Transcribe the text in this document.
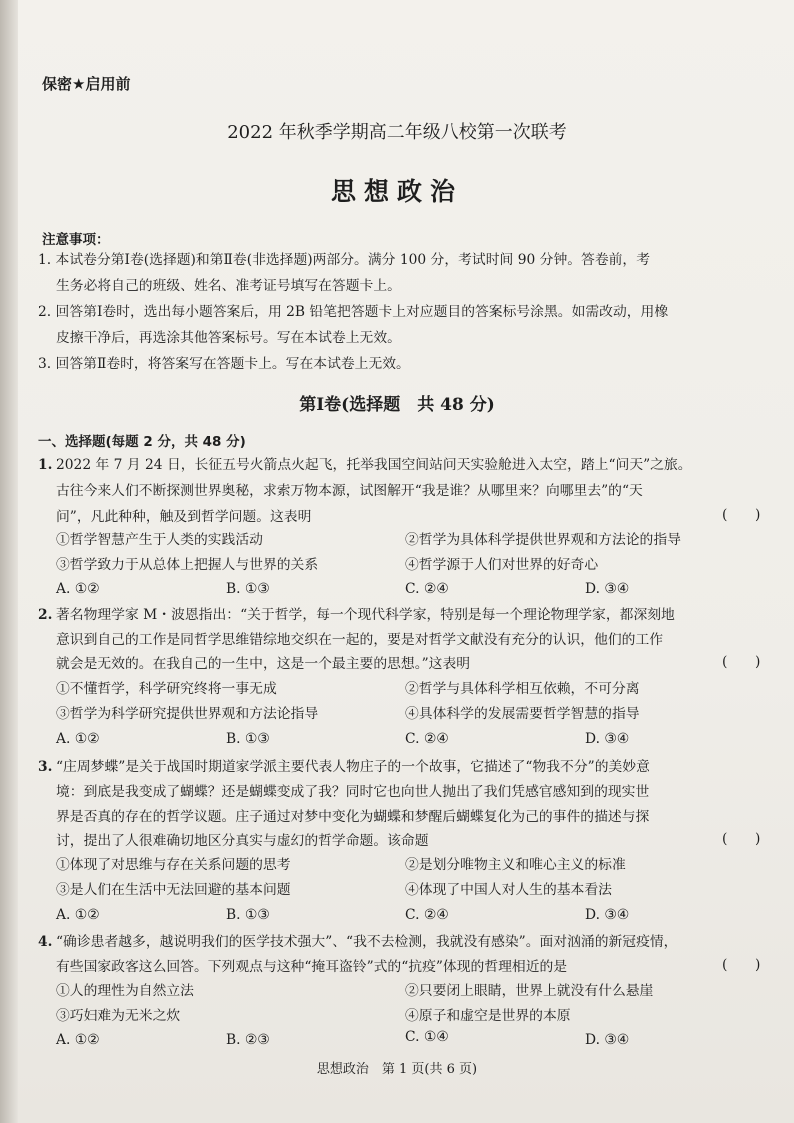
保密★启用前
2022 年秋季学期高二年级八校第一次联考
思想政治
注意事项：
1. 本试卷分第Ⅰ卷(选择题)和第Ⅱ卷(非选择题)两部分。满分 100 分，考试时间 90 分钟。答卷前，考
生务必将自己的班级、姓名、准考证号填写在答题卡上。
2. 回答第Ⅰ卷时，选出每小题答案后，用 2B 铅笔把答题卡上对应题目的答案标号涂黑。如需改动，用橡
皮擦干净后，再选涂其他答案标号。写在本试卷上无效。
3. 回答第Ⅱ卷时，将答案写在答题卡上。写在本试卷上无效。
第Ⅰ卷(选择题　共 48 分)
一、选择题(每题 2 分，共 48 分)
1. 2022 年 7 月 24 日，长征五号火箭点火起飞，托举我国空间站问天实验舱进入太空，踏上“问天”之旅。
古往今来人们不断探测世界奥秘，求索万物本源，试图解开“我是谁？从哪里来？向哪里去”的“天
问”，凡此种种，触及到哲学问题。这表明	(　　)
①哲学智慧产生于人类的实践活动	②哲学为具体科学提供世界观和方法论的指导
③哲学致力于从总体上把握人与世界的关系	④哲学源于人们对世界的好奇心
A. ①②	B. ①③	C. ②④	D. ③④
2. 著名物理学家 M・波恩指出：“关于哲学，每一个现代科学家，特别是每一个理论物理学家，都深刻地
意识到自己的工作是同哲学思维错综地交织在一起的，要是对哲学文献没有充分的认识，他们的工作
就会是无效的。在我自己的一生中，这是一个最主要的思想。”这表明	(　　)
①不懂哲学，科学研究终将一事无成	②哲学与具体科学相互依赖，不可分离
③哲学为科学研究提供世界观和方法论指导	④具体科学的发展需要哲学智慧的指导
A. ①②	B. ①③	C. ②④	D. ③④
3. “庄周梦蝶”是关于战国时期道家学派主要代表人物庄子的一个故事，它描述了“物我不分”的美妙意
境：到底是我变成了蝴蝶？还是蝴蝶变成了我？同时它也向世人抛出了我们凭感官感知到的现实世
界是否真的存在的哲学议题。庄子通过对梦中变化为蝴蝶和梦醒后蝴蝶复化为己的事件的描述与探
讨，提出了人很难确切地区分真实与虚幻的哲学命题。该命题	(　　)
①体现了对思维与存在关系问题的思考	②是划分唯物主义和唯心主义的标准
③是人们在生活中无法回避的基本问题	④体现了中国人对人生的基本看法
A. ①②	B. ①③	C. ②④	D. ③④
4. “确诊患者越多，越说明我们的医学技术强大”、“我不去检测，我就没有感染”。面对汹涌的新冠疫情，
有些国家政客这么回答。下列观点与这种“掩耳盗铃”式的“抗疫”体现的哲理相近的是	(　　)
①人的理性为自然立法	②只要闭上眼睛，世界上就没有什么悬崖
③巧妇难为无米之炊	④原子和虚空是世界的本原
A. ①②	B. ②③	C. ①④	D. ③④
思想政治　第 1 页(共 6 页)
